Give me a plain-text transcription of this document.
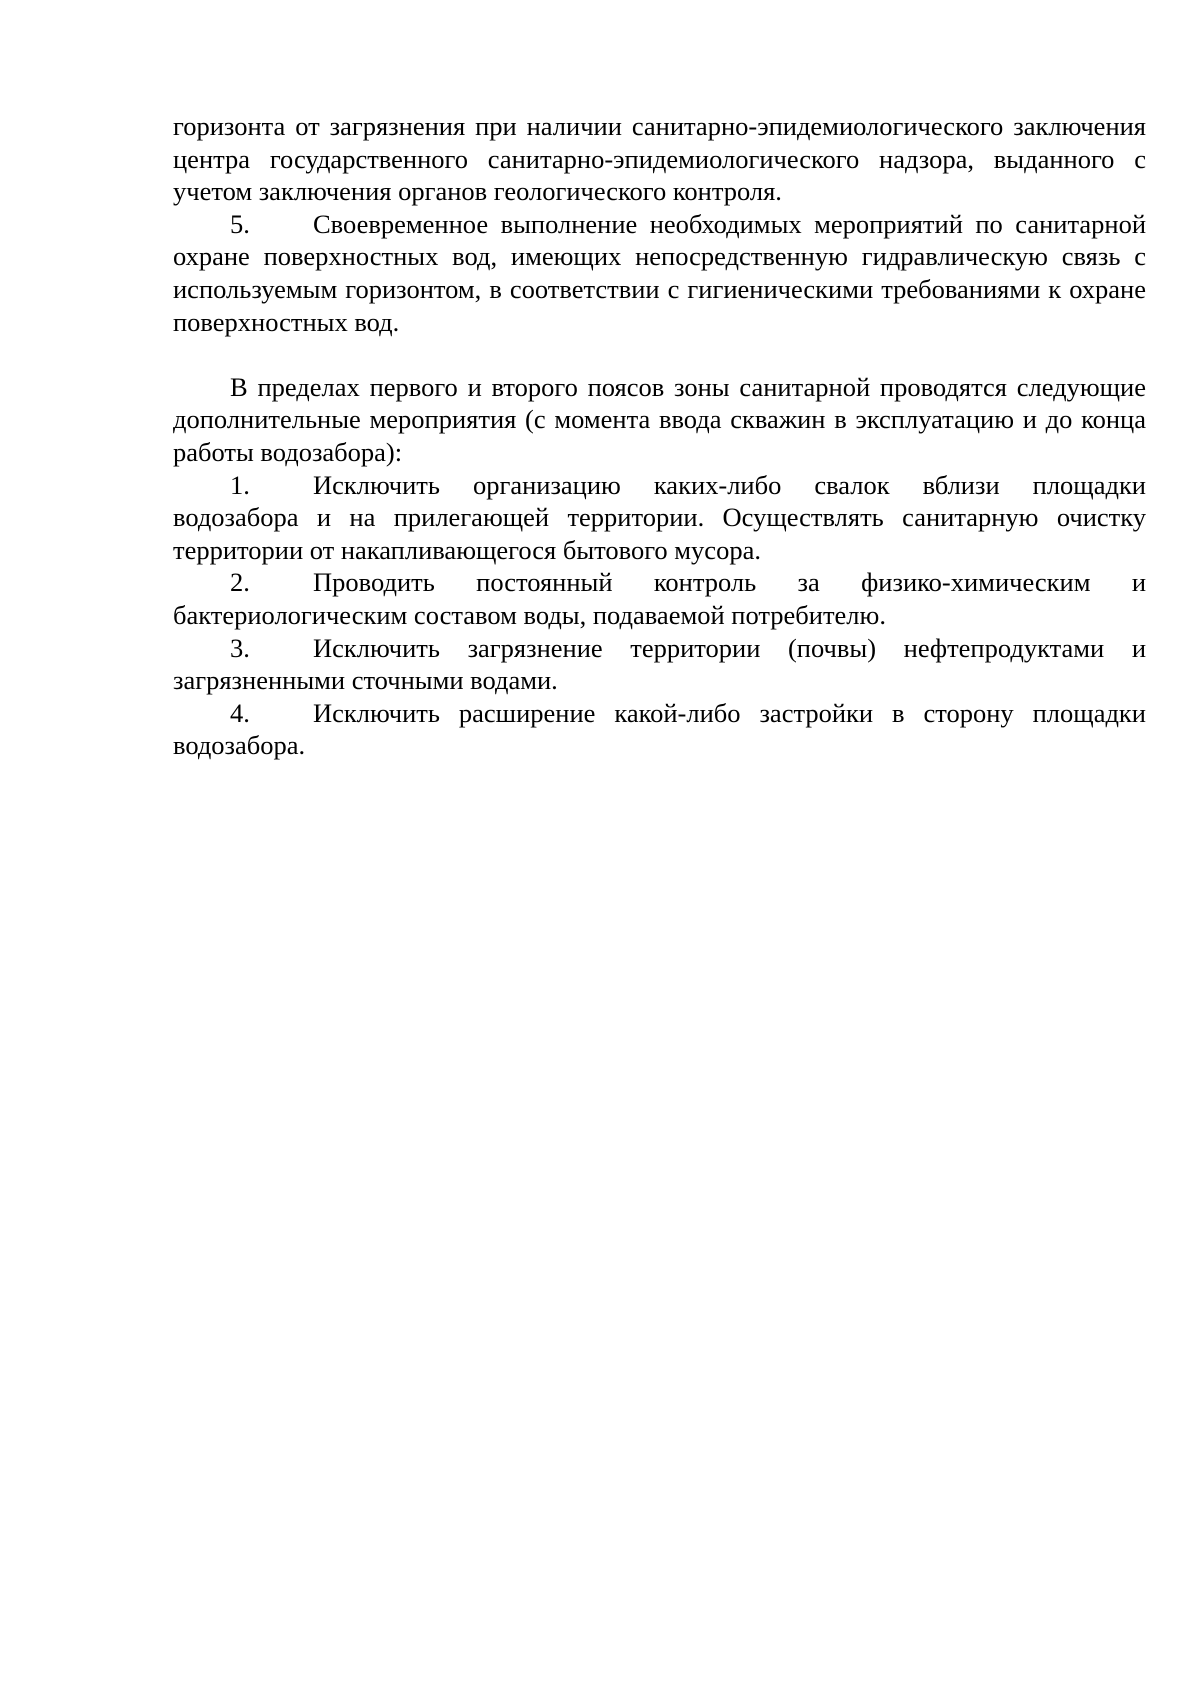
горизонта от загрязнения при наличии санитарно-эпидемиологического заключения центра государственного санитарно-эпидемиологического надзора, выданного с учетом заключения органов геологического контроля.

5. Своевременное выполнение необходимых мероприятий по санитарной охране поверхностных вод, имеющих непосредственную гидравлическую связь с используемым горизонтом, в соответствии с гигиеническими требованиями к охране поверхностных вод.

В пределах первого и второго поясов зоны санитарной проводятся следующие дополнительные мероприятия (с момента ввода скважин в эксплуатацию и до конца работы водозабора):

1. Исключить организацию каких-либо свалок вблизи площадки водозабора и на прилегающей территории. Осуществлять санитарную очистку территории от накапливающегося бытового мусора.

2. Проводить постоянный контроль за физико-химическим и бактериологическим составом воды, подаваемой потребителю.

3. Исключить загрязнение территории (почвы) нефтепродуктами и загрязненными сточными водами.

4. Исключить расширение какой-либо застройки в сторону площадки водозабора.
